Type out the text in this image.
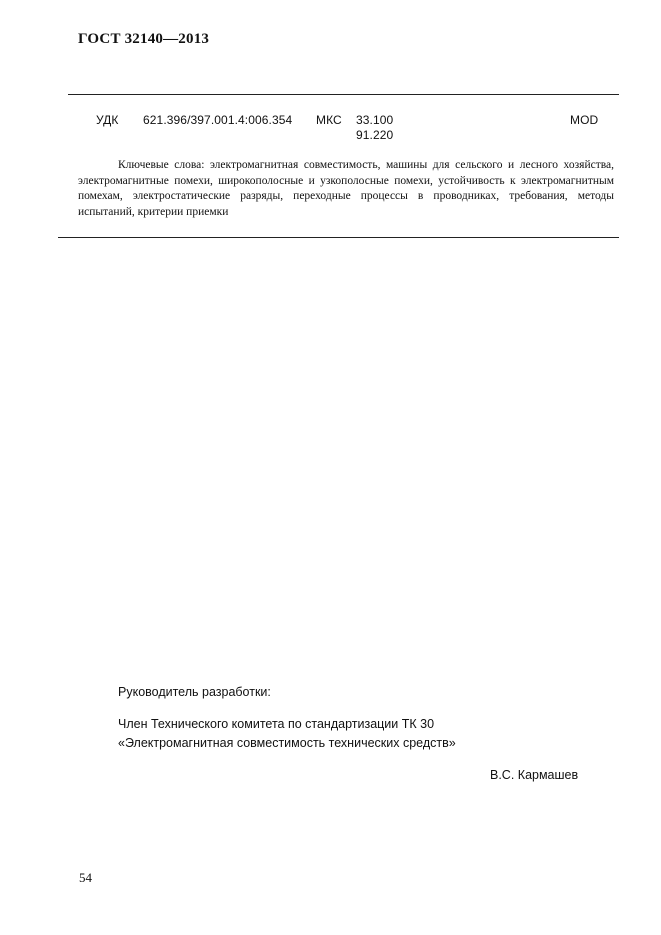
ГОСТ 32140—2013
УДК 621.396/397.001.4:006.354 МКС 33.100
91.220
MOD

Ключевые слова: электромагнитная совместимость, машины для сельского и лесного хозяйства, электромагнитные помехи, широкополосные и узкополосные помехи, устойчивость к электромагнитным помехам, электростатические разряды, переходные процессы в проводниках, требования, методы испытаний, критерии приемки

Руководитель разработки:
Член Технического комитета по стандартизации ТК 30
«Электромагнитная совместимость технических средств»
В.С. Кармашев
54
